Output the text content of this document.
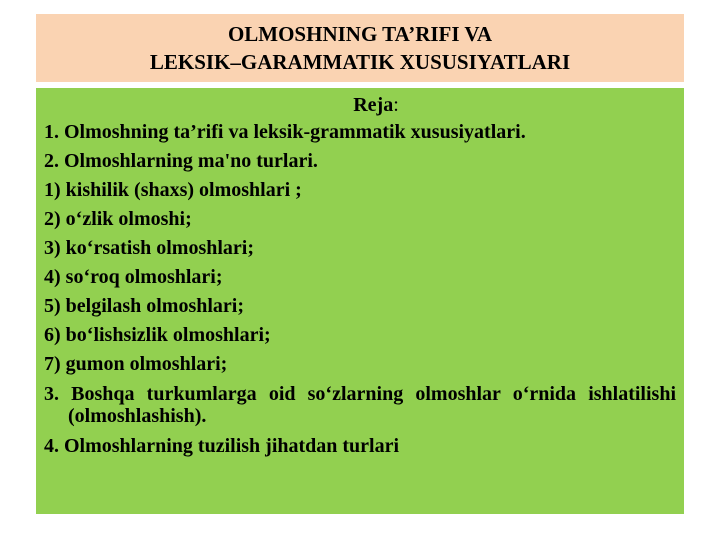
OLMOSHNING TA’RIFI VA
LEKSIK–GARAMMATIK XUSUSIYATLARI
Reja:
1. Olmoshning ta’rifi va leksik-grammatik xususiyatlari.
2. Olmoshlarning ma'no turlari.
1) kishilik (shaxs) olmoshlari ;
2) o‘zlik olmoshi;
3) ko‘rsatish olmoshlari;
4) so‘roq olmoshlari;
5) belgilash olmoshlari;
6) bo‘lishsizlik olmoshlari;
7) gumon olmoshlari;
3. Boshqa turkumlarga oid so‘zlarning olmoshlar o‘rnida ishlatilishi (olmoshlashish).
4. Olmoshlarning tuzilish jihatdan turlari
